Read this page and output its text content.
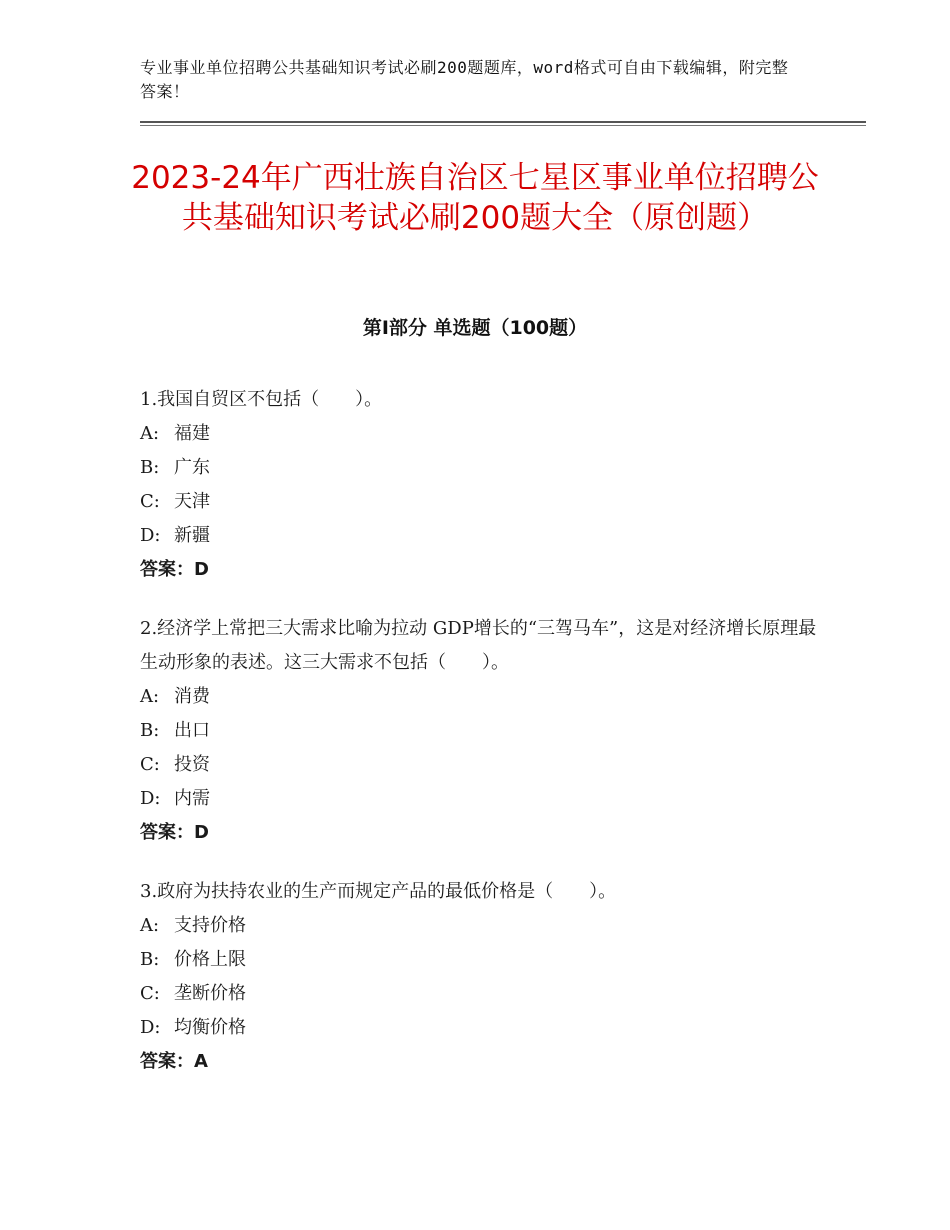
专业事业单位招聘公共基础知识考试必刷200题题库，word格式可自由下载编辑，附完整答案！
2023-24年广西壮族自治区七星区事业单位招聘公共基础知识考试必刷200题大全（原创题）
第Ⅰ部分 单选题（100题）

1.我国自贸区不包括（　　）。

A: 福建

B: 广东

C: 天津

D: 新疆

答案：D

2.经济学上常把三大需求比喻为拉动 GDP增长的“三驾马车”，这是对经济增长原理最生动形象的表述。这三大需求不包括（　　）。

A: 消费

B: 出口

C: 投资

D: 内需

答案：D

3.政府为扶持农业的生产而规定产品的最低价格是（　　）。

A: 支持价格

B: 价格上限

C: 垄断价格

D: 均衡价格

答案：A
